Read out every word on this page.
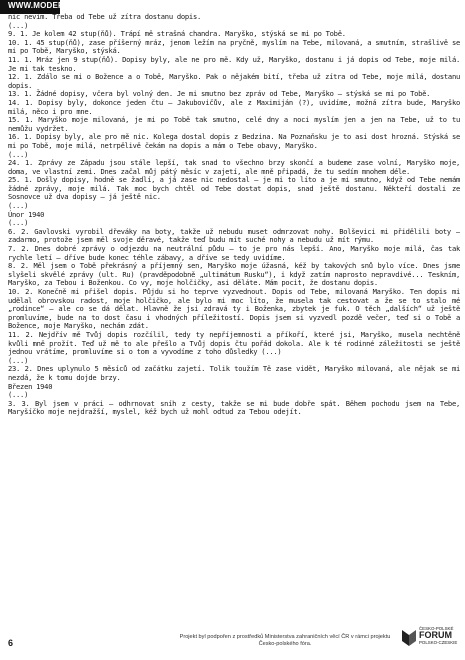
WWW.MODERNI-DEJINY.CZ

nic nevím. Třeba od Tebe už zítra dostanu dopis.

(...)

9. 1. Je kolem 42 stup(ňů). Trápí mě strašná chandra. Maryško, stýská se mi po Tobě.

10. 1. 45 stup(ňů), zase příšerný mráz, jenom ležím na pryčně, myslím na Tebe, milovaná, a smutním, strašlivě se mi po Tobě, Maryško, stýská.

11. 1. Mráz jen 9 stup(ňů). Dopisy byly, ale ne pro mě. Kdy už, Maryško, dostanu i já dopis od Tebe, moje milá. Je mi tak teskno.

12. 1. Zdálo se mi o Božence a o Tobě, Maryško. Pak o nějakém bití, třeba už zítra od Tebe, moje milá, dostanu dopis.

13. 1. Žádné dopisy, včera byl volný den. Je mi smutno bez zpráv od Tebe, Maryško – stýská se mi po Tobě.

14. 1. Dopisy byly, dokonce jeden čtu – Jakubovičův, ale z Maximiján (?), uvidíme, možná zítra bude, Maryško milá, něco i pro mne.

15. 1. Maryško moje milovaná, je mi po Tobě tak smutno, celé dny a noci myslím jen a jen na Tebe, už to tu nemůžu vydržet.

16. 1. Dopisy byly, ale pro mě nic. Kolega dostal dopis z Bedzina. Na Poznaňsku je to asi dost hrozná. Stýská se mi po Tobě, moje milá, netrpělivě čekám na dopis a mám o Tebe obavy, Maryško.

(...)

24. 1. Zprávy ze Západu jsou stále lepší, tak snad to všechno brzy skončí a budeme zase volní, Maryško moje, doma, ve vlastní zemi. Dnes začal můj pátý měsíc v zajetí, ale mně připadá, že tu sedím mnohem déle.

25. 1. Došly dopisy, hodně se žadlí, a já zase nic nedostal – je mi to líto a je mi smutno, když od Tebe nemám žádné zprávy, moje milá. Tak moc bych chtěl od Tebe dostat dopis, snad ještě dostanu. Někteří dostali ze Sosnovce už dva dopisy – já ještě nic.

(...)

Únor 1940

(...)

6. 2. Gavlovski vyrobil dřeváky na boty, takže už nebudu muset odmrzovat nohy. Bolševici mi přidělili boty – zadarmo, protože jsem měl svoje děravé, takže teď budu mít suché nohy a nebudu už mít rýmu.

7. 2. Dnes dobré zprávy o odjezdu na neutrální půdu – to je pro nás lepší. Ano, Maryško moje milá, čas tak rychle letí – dříve bude konec téhle zábavy, a dříve se tedy uvidíme.

8. 2. Měl jsem o Tobě překrásný a příjemný sen, Maryško moje úžasná, kéž by takových snů bylo více. Dnes jsme slyšeli skvělé zprávy (ult. Ru) (pravděpodobně „ultimátum Rusku“), i když zatím naprosto nepravdivé... Teskním, Maryško, za Tebou i Boženkou. Co vy, moje holčičky, asi děláte. Mám pocit, že dostanu dopis.

10. 2. Konečně mi přišel dopis. Půjdu si ho teprve vyzvednout. Dopis od Tebe, milovaná Maryško. Ten dopis mi udělal obrovskou radost, moje holčičko, ale bylo mi moc líto, že musela tak cestovat a že se to stalo mé „rodince“ – ale co se dá dělat. Hlavně že jsi zdravá ty i Boženka, zbytek je fuk. O těch „dalších“ už ještě promluvíme, bude na to dost času i vhodných příležitostí. Dopis jsem si vyzvedl pozdě večer, teď si o Tobě a Božence, moje Maryško, nechám zdát.

11. 2. Nejdřív mě Tvůj dopis rozčílil, tedy ty nepříjemnosti a příkoří, které jsi, Maryško, musela nechtěně kvůli mně prožít. Teď už mě to ale přešlo a Tvůj dopis čtu pořád dokola. Ale k té rodinné záležitosti se ještě jednou vrátíme, promluvíme si o tom a vyvodíme z toho důsledky (...)

(...)

23. 2. Dnes uplynulo 5 měsíců od začátku zajetí. Tolik toužím Tě zase vidět, Maryško milovaná, ale nějak se mi nezdá, že k tomu dojde brzy.

Březen 1940

(...)

3. 3. Byl jsem v práci – odhrnovat sníh z cesty, takže se mi bude dobře spát. Během pochodu jsem na Tebe, Maryšíčko moje nejdražší, myslel, kéž bych už mohl odtud za Tebou odejít.

6
Projekt byl podpořen z prostředků Ministerstva zahraničních věcí ČR v rámci projektu Česko-polského fóra.
ČESKO-POLSKÉ
FORUM
POLSKO-CZESKIE
